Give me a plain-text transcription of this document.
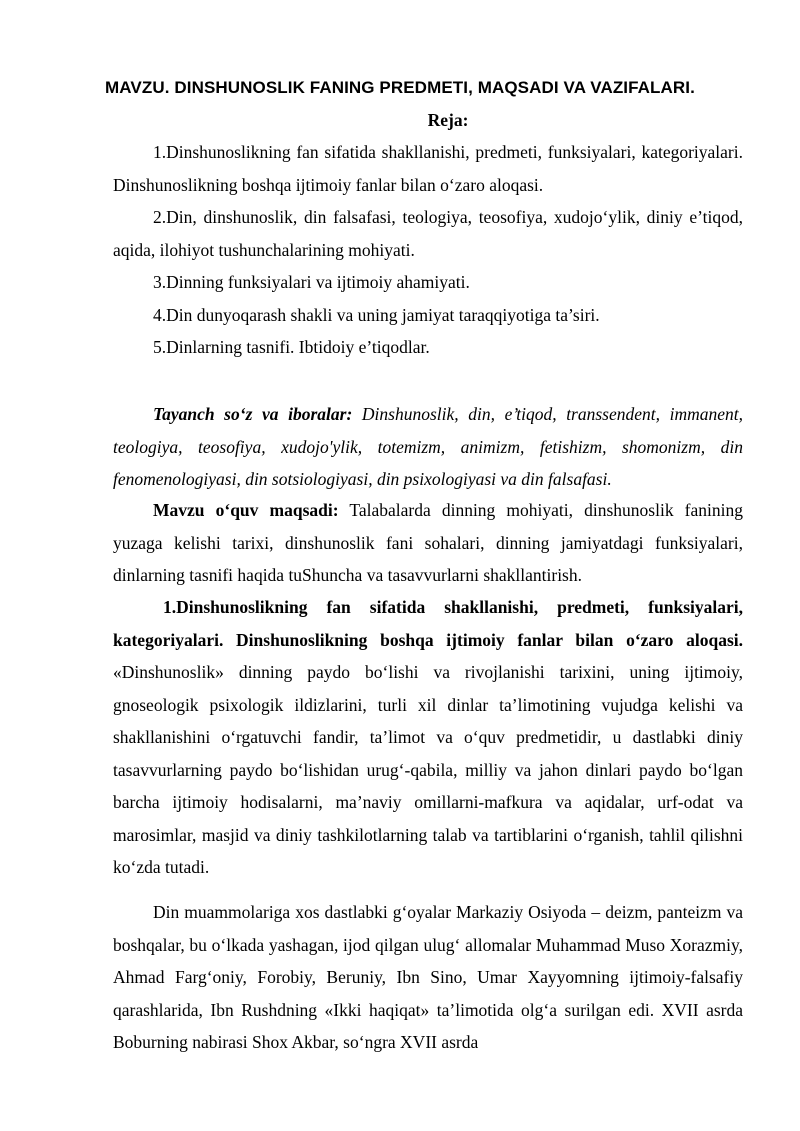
MAVZU. DINSHUNOSLIK FANING PREDMETI, MAQSADI VA VAZIFALARI.
Reja:

1.Dinshunoslikning fan sifatida shakllanishi, predmeti, funksiyalari, kategoriyalari. Dinshunoslikning boshqa ijtimoiy fanlar bilan o‘zaro aloqasi.

2.Din, dinshunoslik, din falsafasi, teologiya, teosofiya, xudojo‘ylik, diniy e’tiqod, aqida, ilohiyot tushunchalarining mohiyati.

3.Dinning funksiyalari va ijtimoiy ahamiyati.

4.Din dunyoqarash shakli va uning jamiyat taraqqiyotiga ta’siri.

5.Dinlarning tasnifi. Ibtidoiy e’tiqodlar.

Tayanch so‘z va iboralar: Dinshunoslik, din, e’tiqod, transsendent, immanent, teologiya, teosofiya, xudojo'ylik, totemizm, animizm, fetishizm, shomonizm, din fenomenologiyasi, din sotsiologiyasi, din psixologiyasi va din falsafasi.

Mavzu o‘quv maqsadi: Talabalarda dinning mohiyati, dinshunoslik fanining yuzaga kelishi tarixi, dinshunoslik fani sohalari, dinning jamiyatdagi funksiyalari, dinlarning tasnifi haqida tuShuncha va tasavvurlarni shakllantirish.

1.Dinshunoslikning fan sifatida shakllanishi, predmeti, funksiyalari, kategoriyalari. Dinshunoslikning boshqa ijtimoiy fanlar bilan o‘zaro aloqasi. «Dinshunoslik» dinning paydo bo‘lishi va rivojlanishi tarixini, uning ijtimoiy, gnoseologik psixologik ildizlarini, turli xil dinlar ta’limotining vujudga kelishi va shakllanishini o‘rgatuvchi fandir, ta’limot va o‘quv predmetidir, u dastlabki diniy tasavvurlarning paydo bo‘lishidan urug‘-qabila, milliy va jahon dinlari paydo bo‘lgan barcha ijtimoiy hodisalarni, ma’naviy omillarni-mafkura va aqidalar, urf-odat va marosimlar, masjid va diniy tashkilotlarning talab va tartiblarini o‘rganish, tahlil qilishni ko‘zda tutadi.

Din muammolariga xos dastlabki g‘oyalar Markaziy Osiyoda – deizm, panteizm va boshqalar, bu o‘lkada yashagan, ijod qilgan ulug‘ allomalar Muhammad Muso Xorazmiy, Ahmad Farg‘oniy, Forobiy, Beruniy, Ibn Sino, Umar Xayyomning ijtimoiy-falsafiy qarashlarida, Ibn Rushdning «Ikki haqiqat» ta’limotida olg‘a surilgan edi. XVII asrda Boburning nabirasi Shox Akbar, so‘ngra XVII asrda
